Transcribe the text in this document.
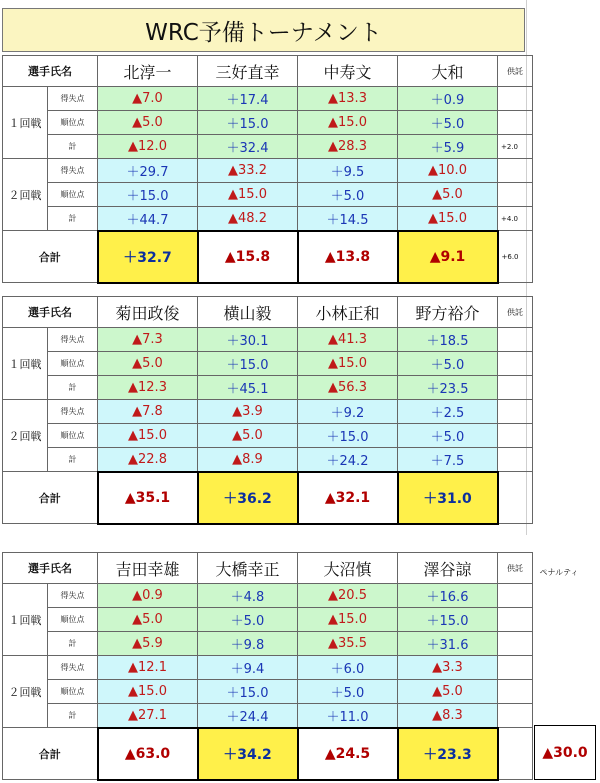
WRC予備トーナメント
選手氏名		北淳一	三好直幸	中寿文	大和	供託
１回戦	得失点	▲7.0	＋17.4	▲13.3	＋0.9	
	順位点	▲5.0	＋15.0	▲15.0	＋5.0	
	計	▲12.0	＋32.4	▲28.3	＋5.9	+2.0
２回戦	得失点	＋29.7	▲33.2	＋9.5	▲10.0	
	順位点	＋15.0	▲15.0	＋5.0	▲5.0	
	計	＋44.7	▲48.2	＋14.5	▲15.0	+4.0
合計		＋32.7	▲15.8	▲13.8	▲9.1	+6.0
選手氏名		菊田政俊	横山毅	小林正和	野方裕介	供託
１回戦	得失点	▲7.3	＋30.1	▲41.3	＋18.5	
	順位点	▲5.0	＋15.0	▲15.0	＋5.0	
	計	▲12.3	＋45.1	▲56.3	＋23.5	
２回戦	得失点	▲7.8	▲3.9	＋9.2	＋2.5	
	順位点	▲15.0	▲5.0	＋15.0	＋5.0	
	計	▲22.8	▲8.9	＋24.2	＋7.5	
合計		▲35.1	＋36.2	▲32.1	＋31.0	
選手氏名		吉田幸雄	大橋幸正	大沼慎	澤谷諒	供託
１回戦	得失点	▲0.9	＋4.8	▲20.5	＋16.6	
	順位点	▲5.0	＋5.0	▲15.0	＋15.0	
	計	▲5.9	＋9.8	▲35.5	＋31.6	
２回戦	得失点	▲12.1	＋9.4	＋6.0	▲3.3	
	順位点	▲15.0	＋15.0	＋5.0	▲5.0	
	計	▲27.1	＋24.4	＋11.0	▲8.3	
合計		▲63.0	＋34.2	▲24.5	＋23.3	
ペナルティ
▲30.0
